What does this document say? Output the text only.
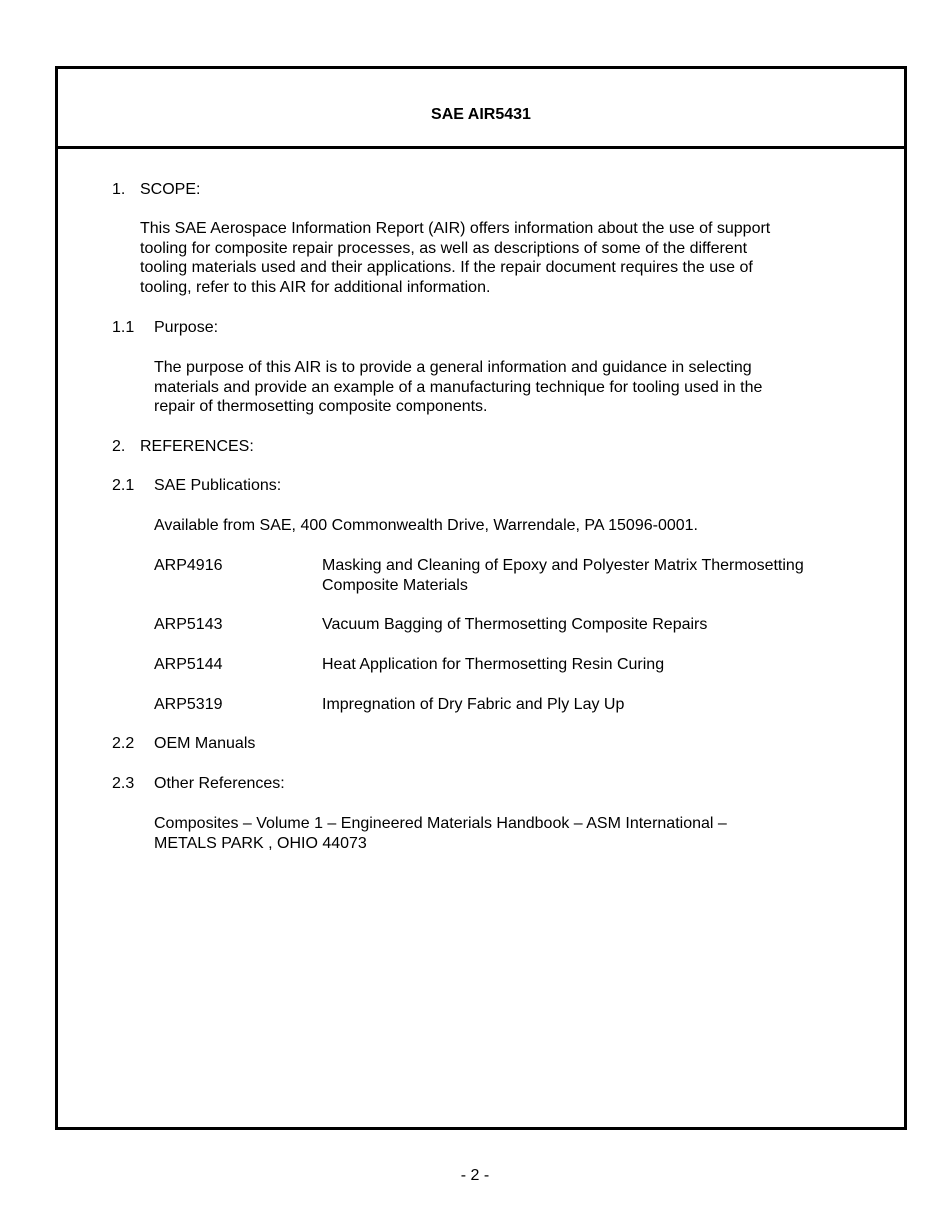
SAE AIR5431
1. SCOPE:
This SAE Aerospace Information Report (AIR) offers information about the use of support
tooling for composite repair processes, as well as descriptions of some of the different
tooling materials used and their applications. If the repair document requires the use of
tooling, refer to this AIR for additional information.
1.1 Purpose:
The purpose of this AIR is to provide a general information and guidance in selecting
materials and provide an example of a manufacturing technique for tooling used in the
repair of thermosetting composite components.
2. REFERENCES:
2.1 SAE Publications:
Available from SAE, 400 Commonwealth Drive, Warrendale, PA 15096-0001.
ARP4916	Masking and Cleaning of Epoxy and Polyester Matrix Thermosetting
Composite Materials
ARP5143	Vacuum Bagging of Thermosetting Composite Repairs
ARP5144	Heat Application for Thermosetting Resin Curing
ARP5319	Impregnation of Dry Fabric and Ply Lay Up
2.2 OEM Manuals
2.3 Other References:
Composites – Volume 1 – Engineered Materials Handbook – ASM International –
METALS PARK , OHIO 44073
- 2 -
